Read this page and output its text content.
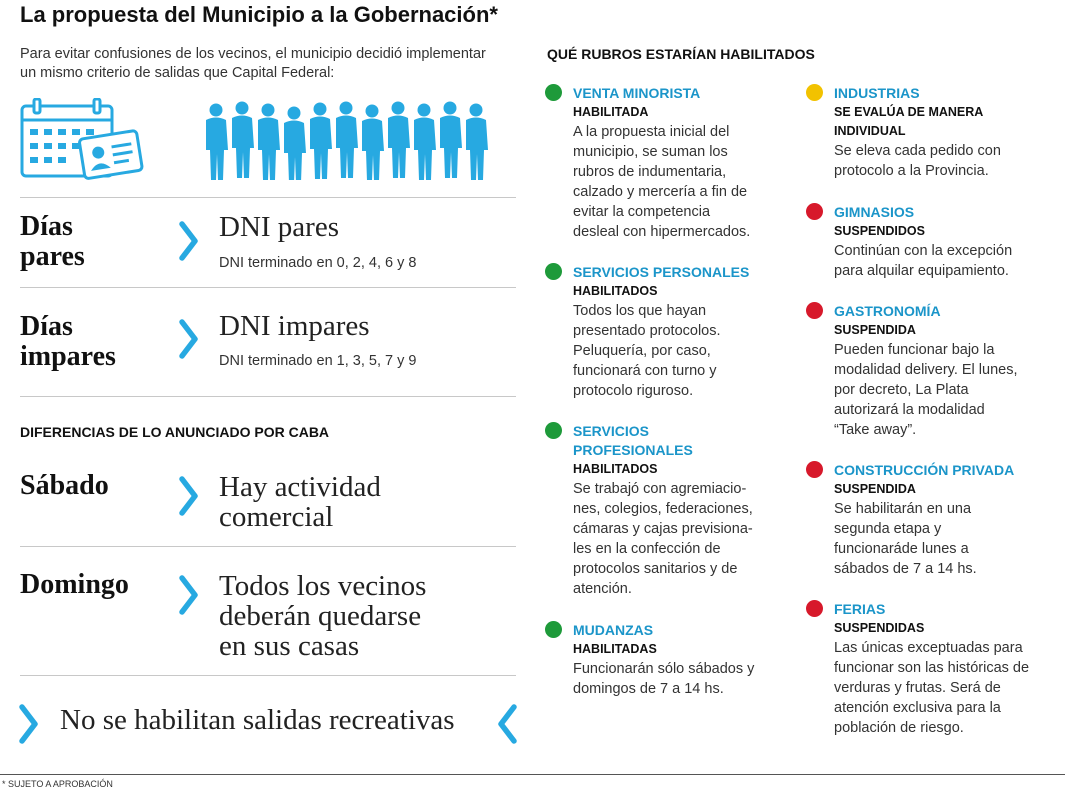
La propuesta del Municipio a la Gobernación*
Para evitar confusiones de los vecinos, el municipio decidió implementar un mismo criterio de salidas que Capital Federal:
Días
pares
DNI pares
DNI terminado en 0, 2, 4, 6 y 8
Días
impares
DNI impares
DNI terminado en 1, 3, 5, 7 y 9
DIFERENCIAS DE LO ANUNCIADO POR CABA
Sábado	Hay actividad
comercial
Domingo	Todos los vecinos
deberán quedarse
en sus casas
No se habilitan salidas recreativas
* SUJETO A APROBACIÓN
QUÉ RUBROS ESTARÍAN HABILITADOS
VENTA MINORISTA
HABILITADA
A la propuesta inicial del
municipio, se suman los
rubros de indumentaria,
calzado y mercería a fin de
evitar la competencia
desleal con hipermercados.
SERVICIOS PERSONALES
HABILITADOS
Todos los que hayan
presentado protocolos.
Peluquería, por caso,
funcionará con turno y
protocolo riguroso.
SERVICIOS
PROFESIONALES
HABILITADOS
Se trabajó con agremiacio-
nes, colegios, federaciones,
cámaras y cajas previsiona-
les en la confección de
protocolos sanitarios y de
atención.
MUDANZAS
HABILITADAS
Funcionarán sólo sábados y
domingos de 7 a 14 hs.
INDUSTRIAS
SE EVALÚA DE MANERA
INDIVIDUAL
Se eleva cada pedido con
protocolo a la Provincia.
GIMNASIOS
SUSPENDIDOS
Continúan con la excepción
para alquilar equipamiento.
GASTRONOMÍA
SUSPENDIDA
Pueden funcionar bajo la
modalidad delivery. El lunes,
por decreto, La Plata
autorizará la modalidad
“Take away”.
CONSTRUCCIÓN PRIVADA
SUSPENDIDA
Se habilitarán en una
segunda etapa y
funcionaráde lunes a
sábados de 7 a 14 hs.
FERIAS
SUSPENDIDAS
Las únicas exceptuadas para
funcionar son las históricas de
verduras y frutas. Será de
atención exclusiva para la
población de riesgo.
